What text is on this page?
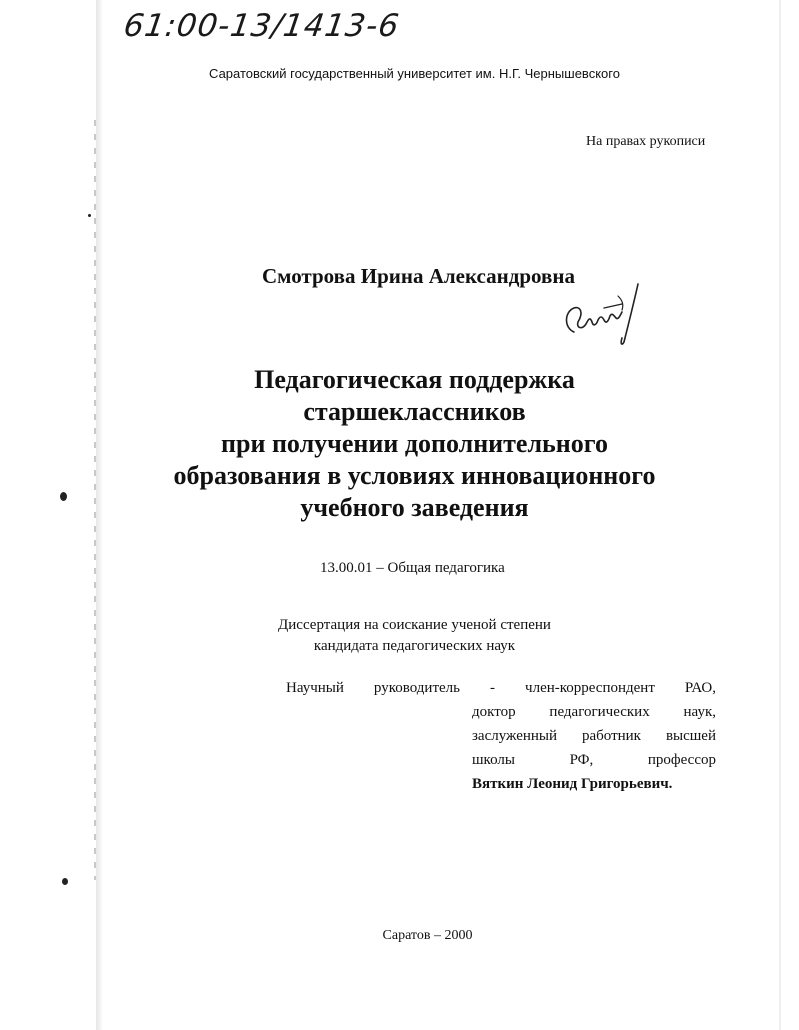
61:00-13/1413-6
Саратовский государственный университет им. Н.Г. Чернышевского
На правах рукописи
Смотрова Ирина Александровна
Педагогическая поддержка
старшеклассников
при получении дополнительного
образования в условиях инновационного
учебного заведения
13.00.01 – Общая педагогика
Диссертация на соискание ученой степени
кандидата педагогических наук
Научный руководитель - член-корреспондент РАО,
доктор педагогических наук,
заслуженный работник высшей
школы РФ, профессор
Вяткин Леонид Григорьевич.
Саратов – 2000
